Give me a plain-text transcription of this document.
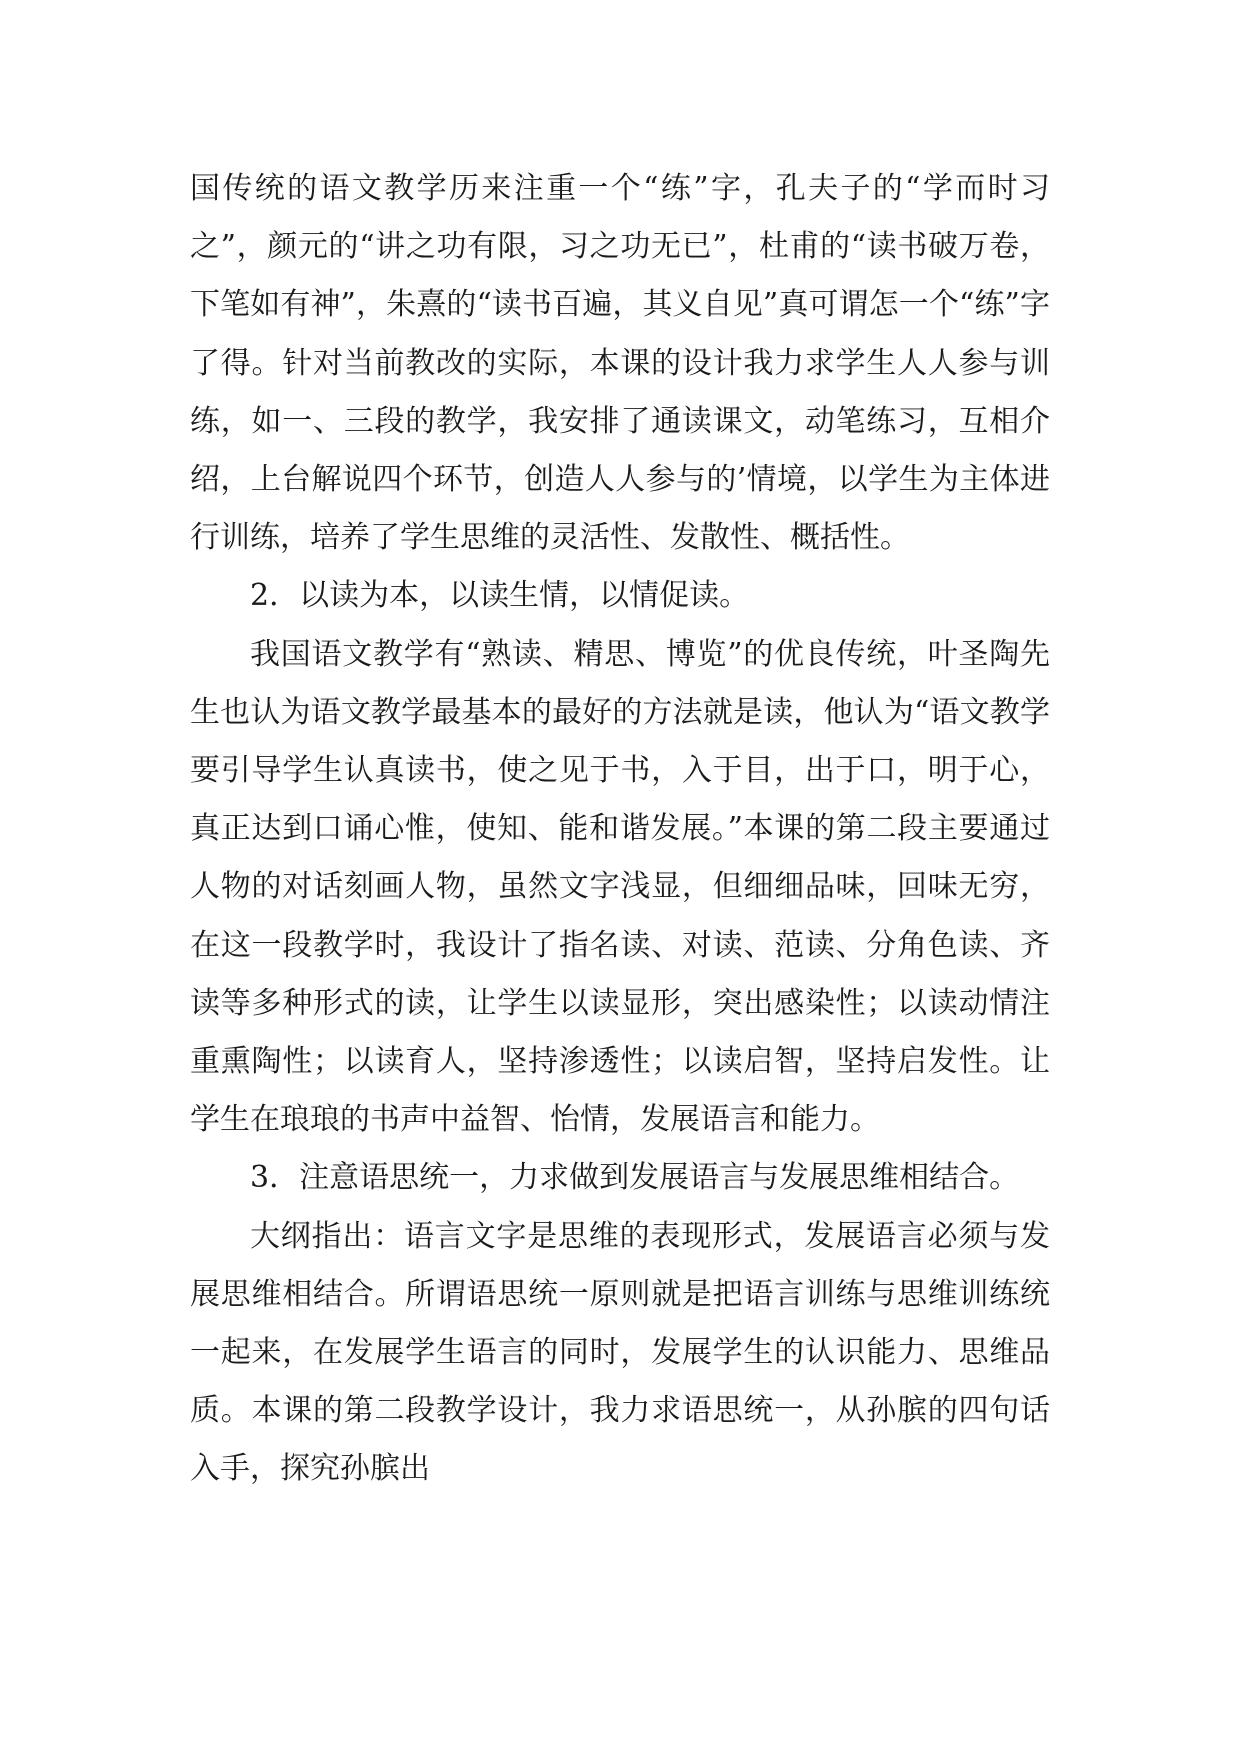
国传统的语文教学历来注重一个“练”字，孔夫子的“学而时习之”，颜元的“讲之功有限，习之功无已”，杜甫的“读书破万卷，下笔如有神”，朱熹的“读书百遍，其义自见”真可谓怎一个“练”字了得。针对当前教改的实际，本课的设计我力求学生人人参与训练，如一、三段的教学，我安排了通读课文，动笔练习，互相介绍，上台解说四个环节，创造人人参与的’情境，以学生为主体进行训练，培养了学生思维的灵活性、发散性、概括性。

2．以读为本，以读生情，以情促读。

我国语文教学有“熟读、精思、博览”的优良传统，叶圣陶先生也认为语文教学最基本的最好的方法就是读，他认为“语文教学要引导学生认真读书，使之见于书，入于目，出于口，明于心，真正达到口诵心惟，使知、能和谐发展。”本课的第二段主要通过人物的对话刻画人物，虽然文字浅显，但细细品味，回味无穷，在这一段教学时，我设计了指名读、对读、范读、分角色读、齐读等多种形式的读，让学生以读显形，突出感染性；以读动情注重熏陶性；以读育人，坚持渗透性；以读启智，坚持启发性。让学生在琅琅的书声中益智、怡情，发展语言和能力。

3．注意语思统一，力求做到发展语言与发展思维相结合。

大纲指出：语言文字是思维的表现形式，发展语言必须与发展思维相结合。所谓语思统一原则就是把语言训练与思维训练统一起来，在发展学生语言的同时，发展学生的认识能力、思维品质。本课的第二段教学设计，我力求语思统一，从孙膑的四句话入手，探究孙膑出
